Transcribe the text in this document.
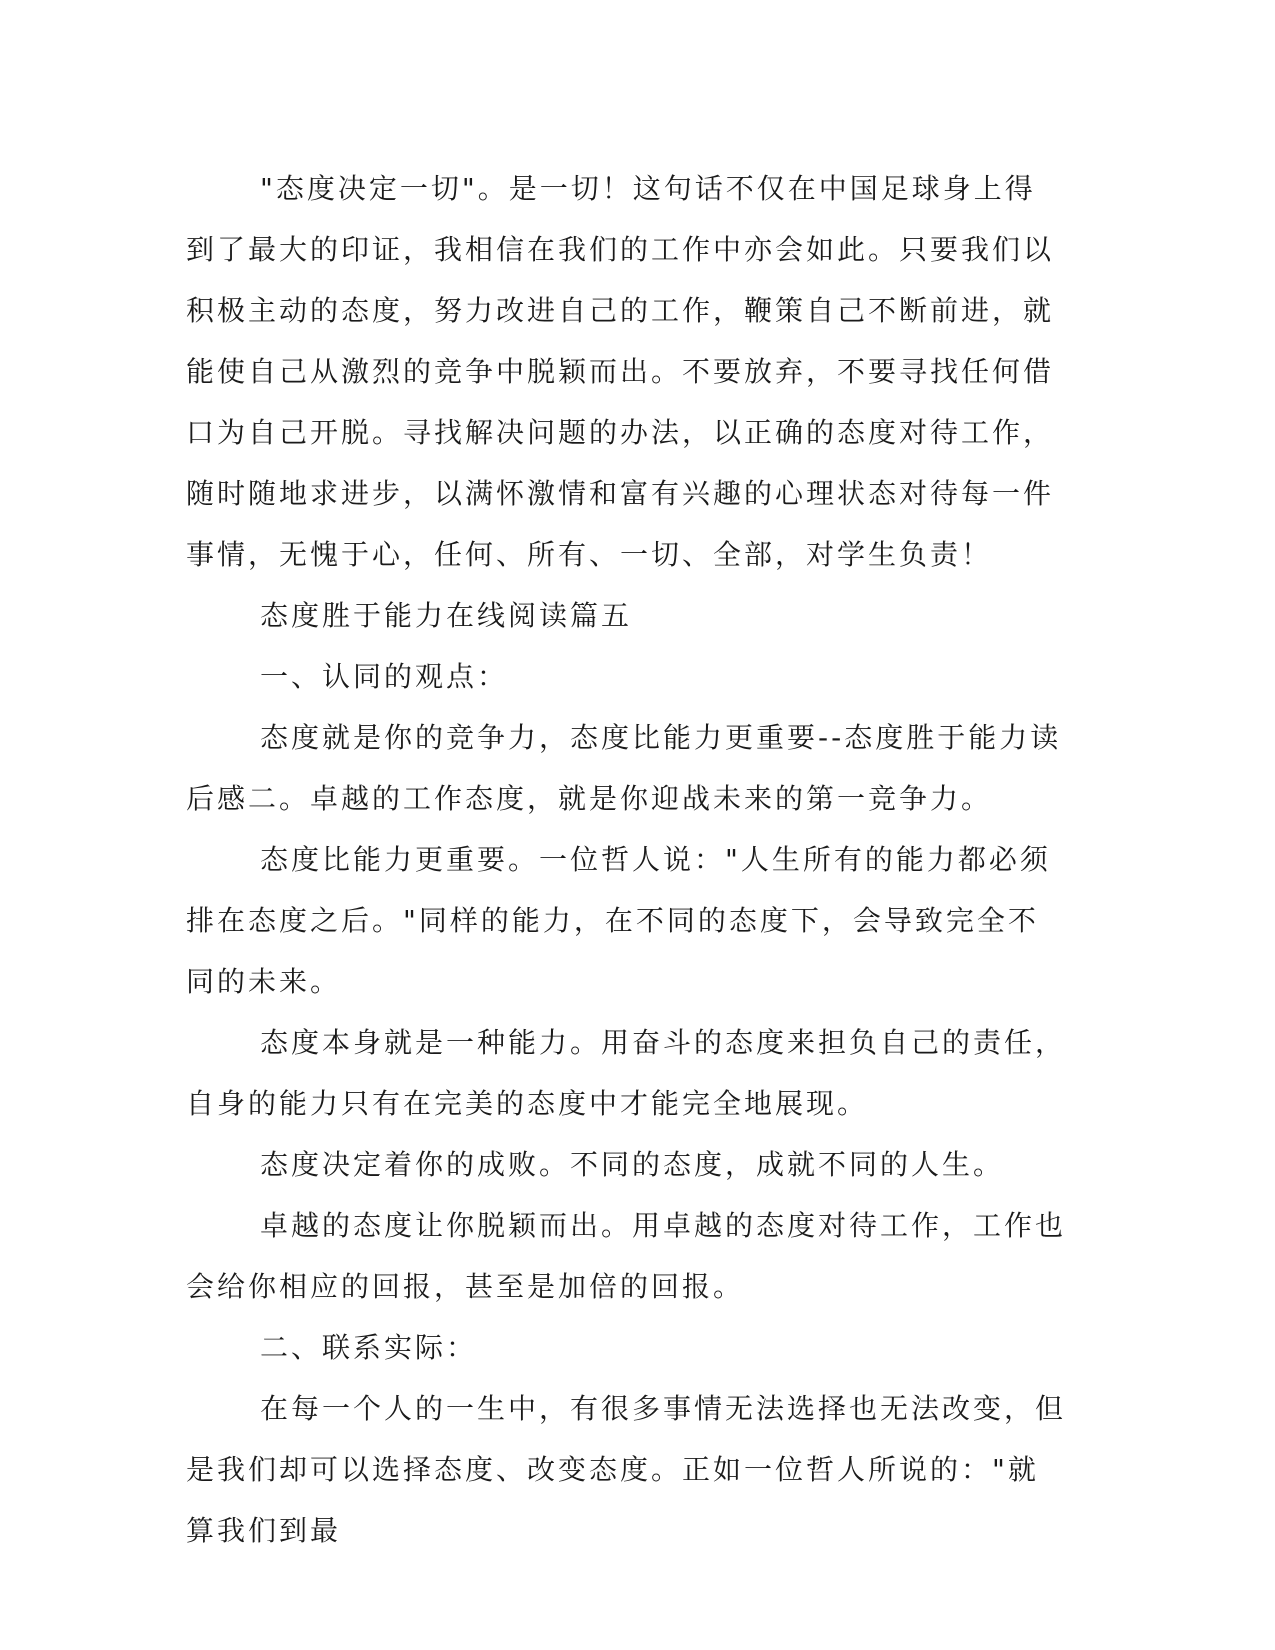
"态度决定一切"。是一切！这句话不仅在中国足球身上得到了最大的印证，我相信在我们的工作中亦会如此。只要我们以积极主动的态度，努力改进自己的工作，鞭策自己不断前进，就能使自己从激烈的竞争中脱颖而出。不要放弃，不要寻找任何借口为自己开脱。寻找解决问题的办法，以正确的态度对待工作，随时随地求进步，以满怀激情和富有兴趣的心理状态对待每一件事情，无愧于心，任何、所有、一切、全部，对学生负责！

态度胜于能力在线阅读篇五

一、认同的观点：

态度就是你的竞争力，态度比能力更重要--态度胜于能力读后感二。卓越的工作态度，就是你迎战未来的第一竞争力。

态度比能力更重要。一位哲人说："人生所有的能力都必须排在态度之后。"同样的能力，在不同的态度下，会导致完全不同的未来。

态度本身就是一种能力。用奋斗的态度来担负自己的责任，自身的能力只有在完美的态度中才能完全地展现。

态度决定着你的成败。不同的态度，成就不同的人生。

卓越的态度让你脱颖而出。用卓越的态度对待工作，工作也会给你相应的回报，甚至是加倍的回报。

二、联系实际：

在每一个人的一生中，有很多事情无法选择也无法改变，但是我们却可以选择态度、改变态度。正如一位哲人所说的："就算我们到最
